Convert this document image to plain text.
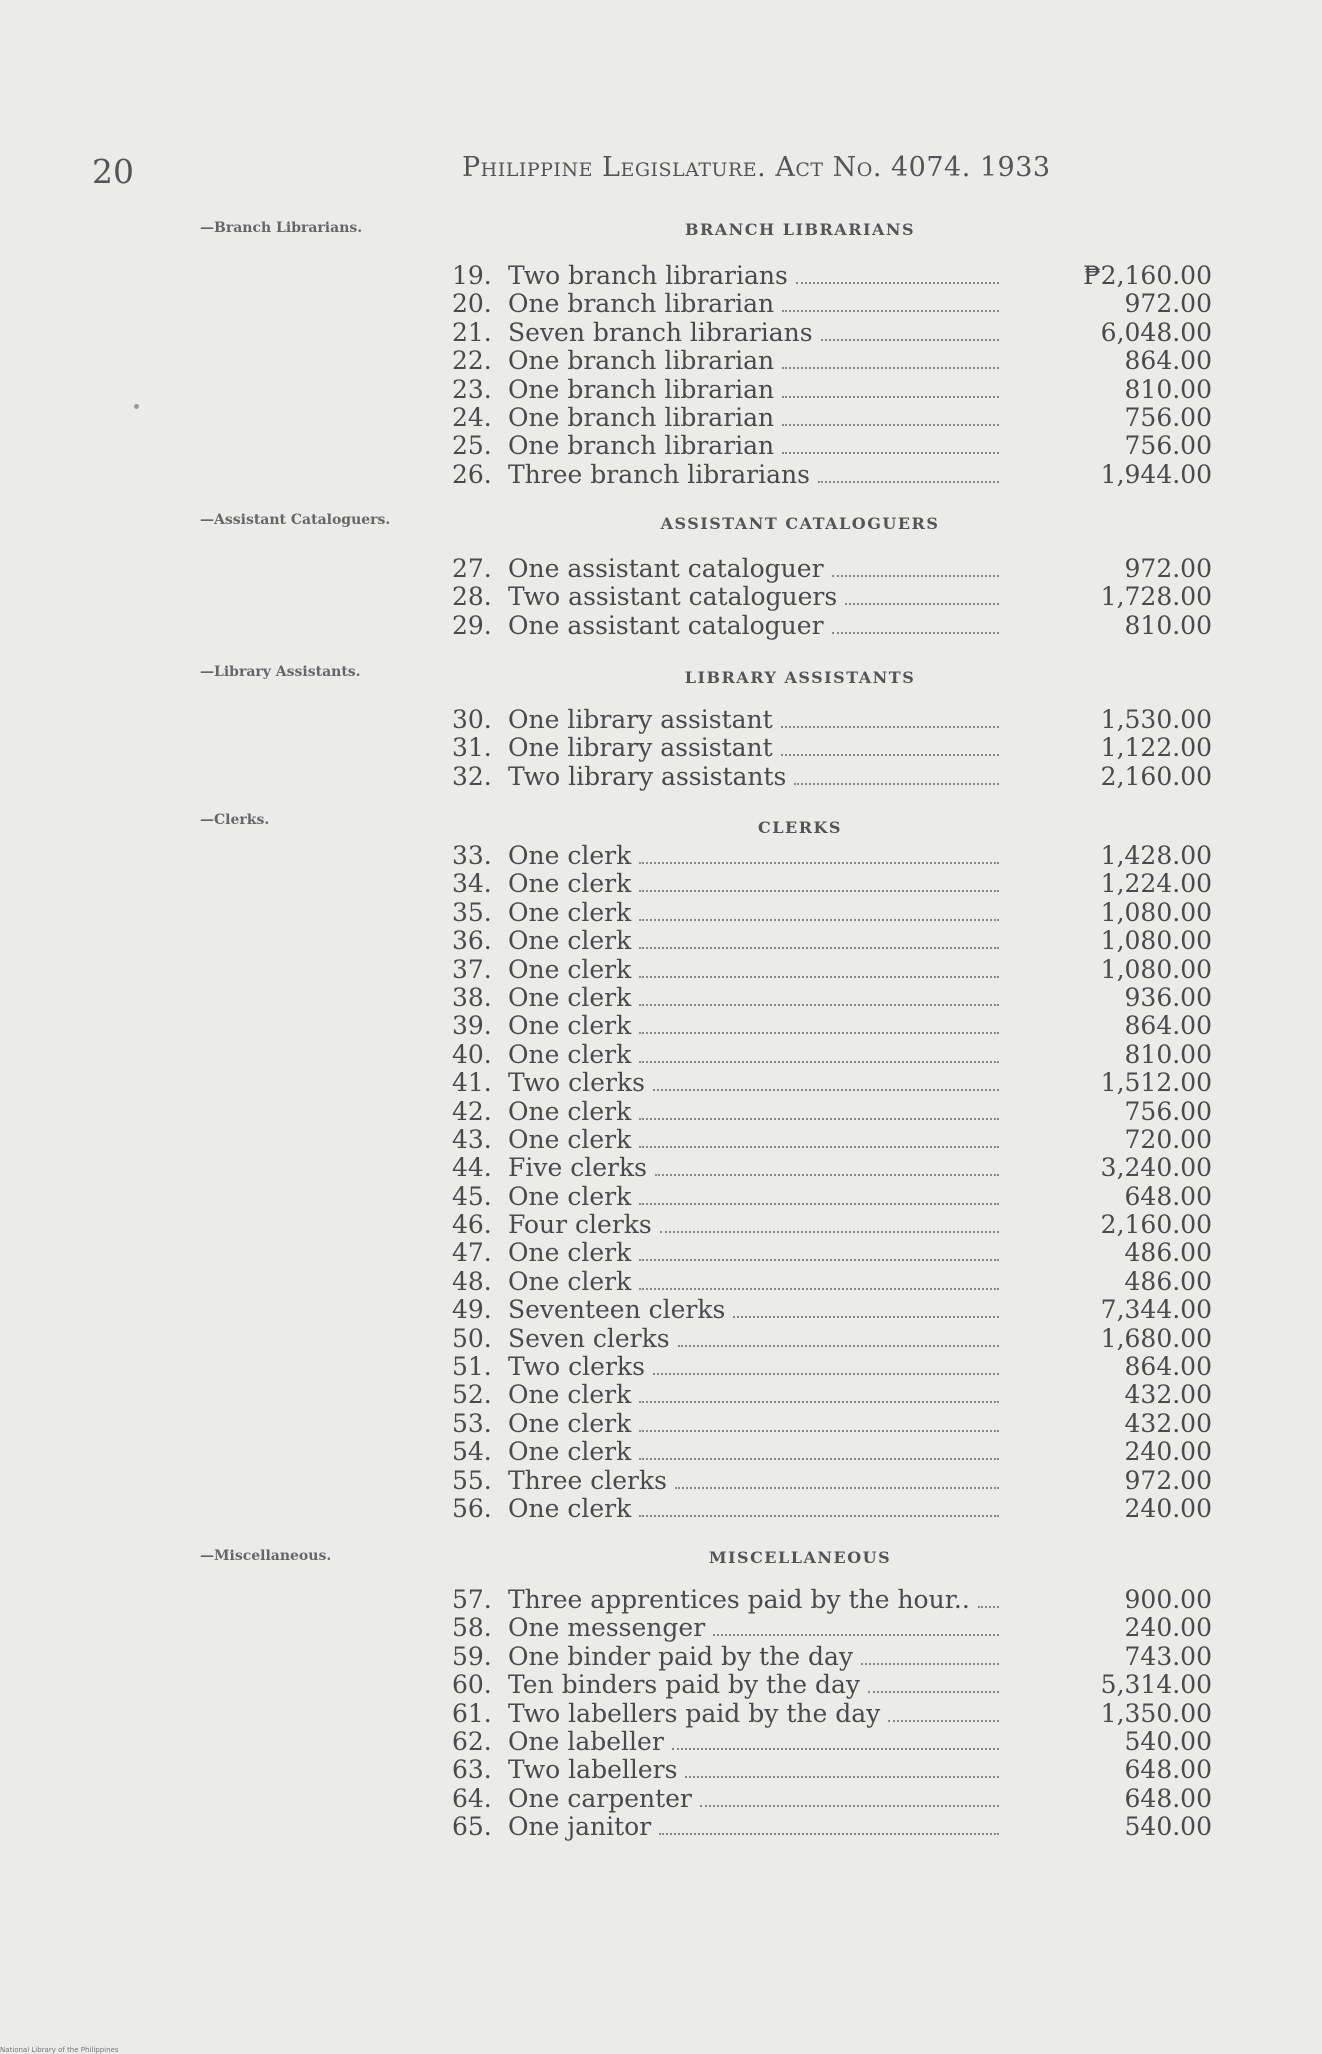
20	Philippine Legislature. Act No. 4074. 1933
—Branch Librarians.	BRANCH LIBRARIANS
19. Two branch librarians	₱2,160.00
20. One branch librarian	972.00
21. Seven branch librarians	6,048.00
22. One branch librarian	864.00
23. One branch librarian	810.00
24. One branch librarian	756.00
25. One branch librarian	756.00
26. Three branch librarians	1,944.00
—Assistant Cataloguers.	ASSISTANT CATALOGUERS
27. One assistant cataloguer	972.00
28. Two assistant cataloguers	1,728.00
29. One assistant cataloguer	810.00
—Library Assistants.	LIBRARY ASSISTANTS
30. One library assistant	1,530.00
31. One library assistant	1,122.00
32. Two library assistants	2,160.00
—Clerks.	CLERKS
33. One clerk	1,428.00
34. One clerk	1,224.00
35. One clerk	1,080.00
36. One clerk	1,080.00
37. One clerk	1,080.00
38. One clerk	936.00
39. One clerk	864.00
40. One clerk	810.00
41. Two clerks	1,512.00
42. One clerk	756.00
43. One clerk	720.00
44. Five clerks	3,240.00
45. One clerk	648.00
46. Four clerks	2,160.00
47. One clerk	486.00
48. One clerk	486.00
49. Seventeen clerks	7,344.00
50. Seven clerks	1,680.00
51. Two clerks	864.00
52. One clerk	432.00
53. One clerk	432.00
54. One clerk	240.00
55. Three clerks	972.00
56. One clerk	240.00
—Miscellaneous.	MISCELLANEOUS
57. Three apprentices paid by the hour..	900.00
58. One messenger	240.00
59. One binder paid by the day	743.00
60. Ten binders paid by the day	5,314.00
61. Two labellers paid by the day	1,350.00
62. One labeller	540.00
63. Two labellers	648.00
64. One carpenter	648.00
65. One janitor	540.00
National Library of the Philippines
